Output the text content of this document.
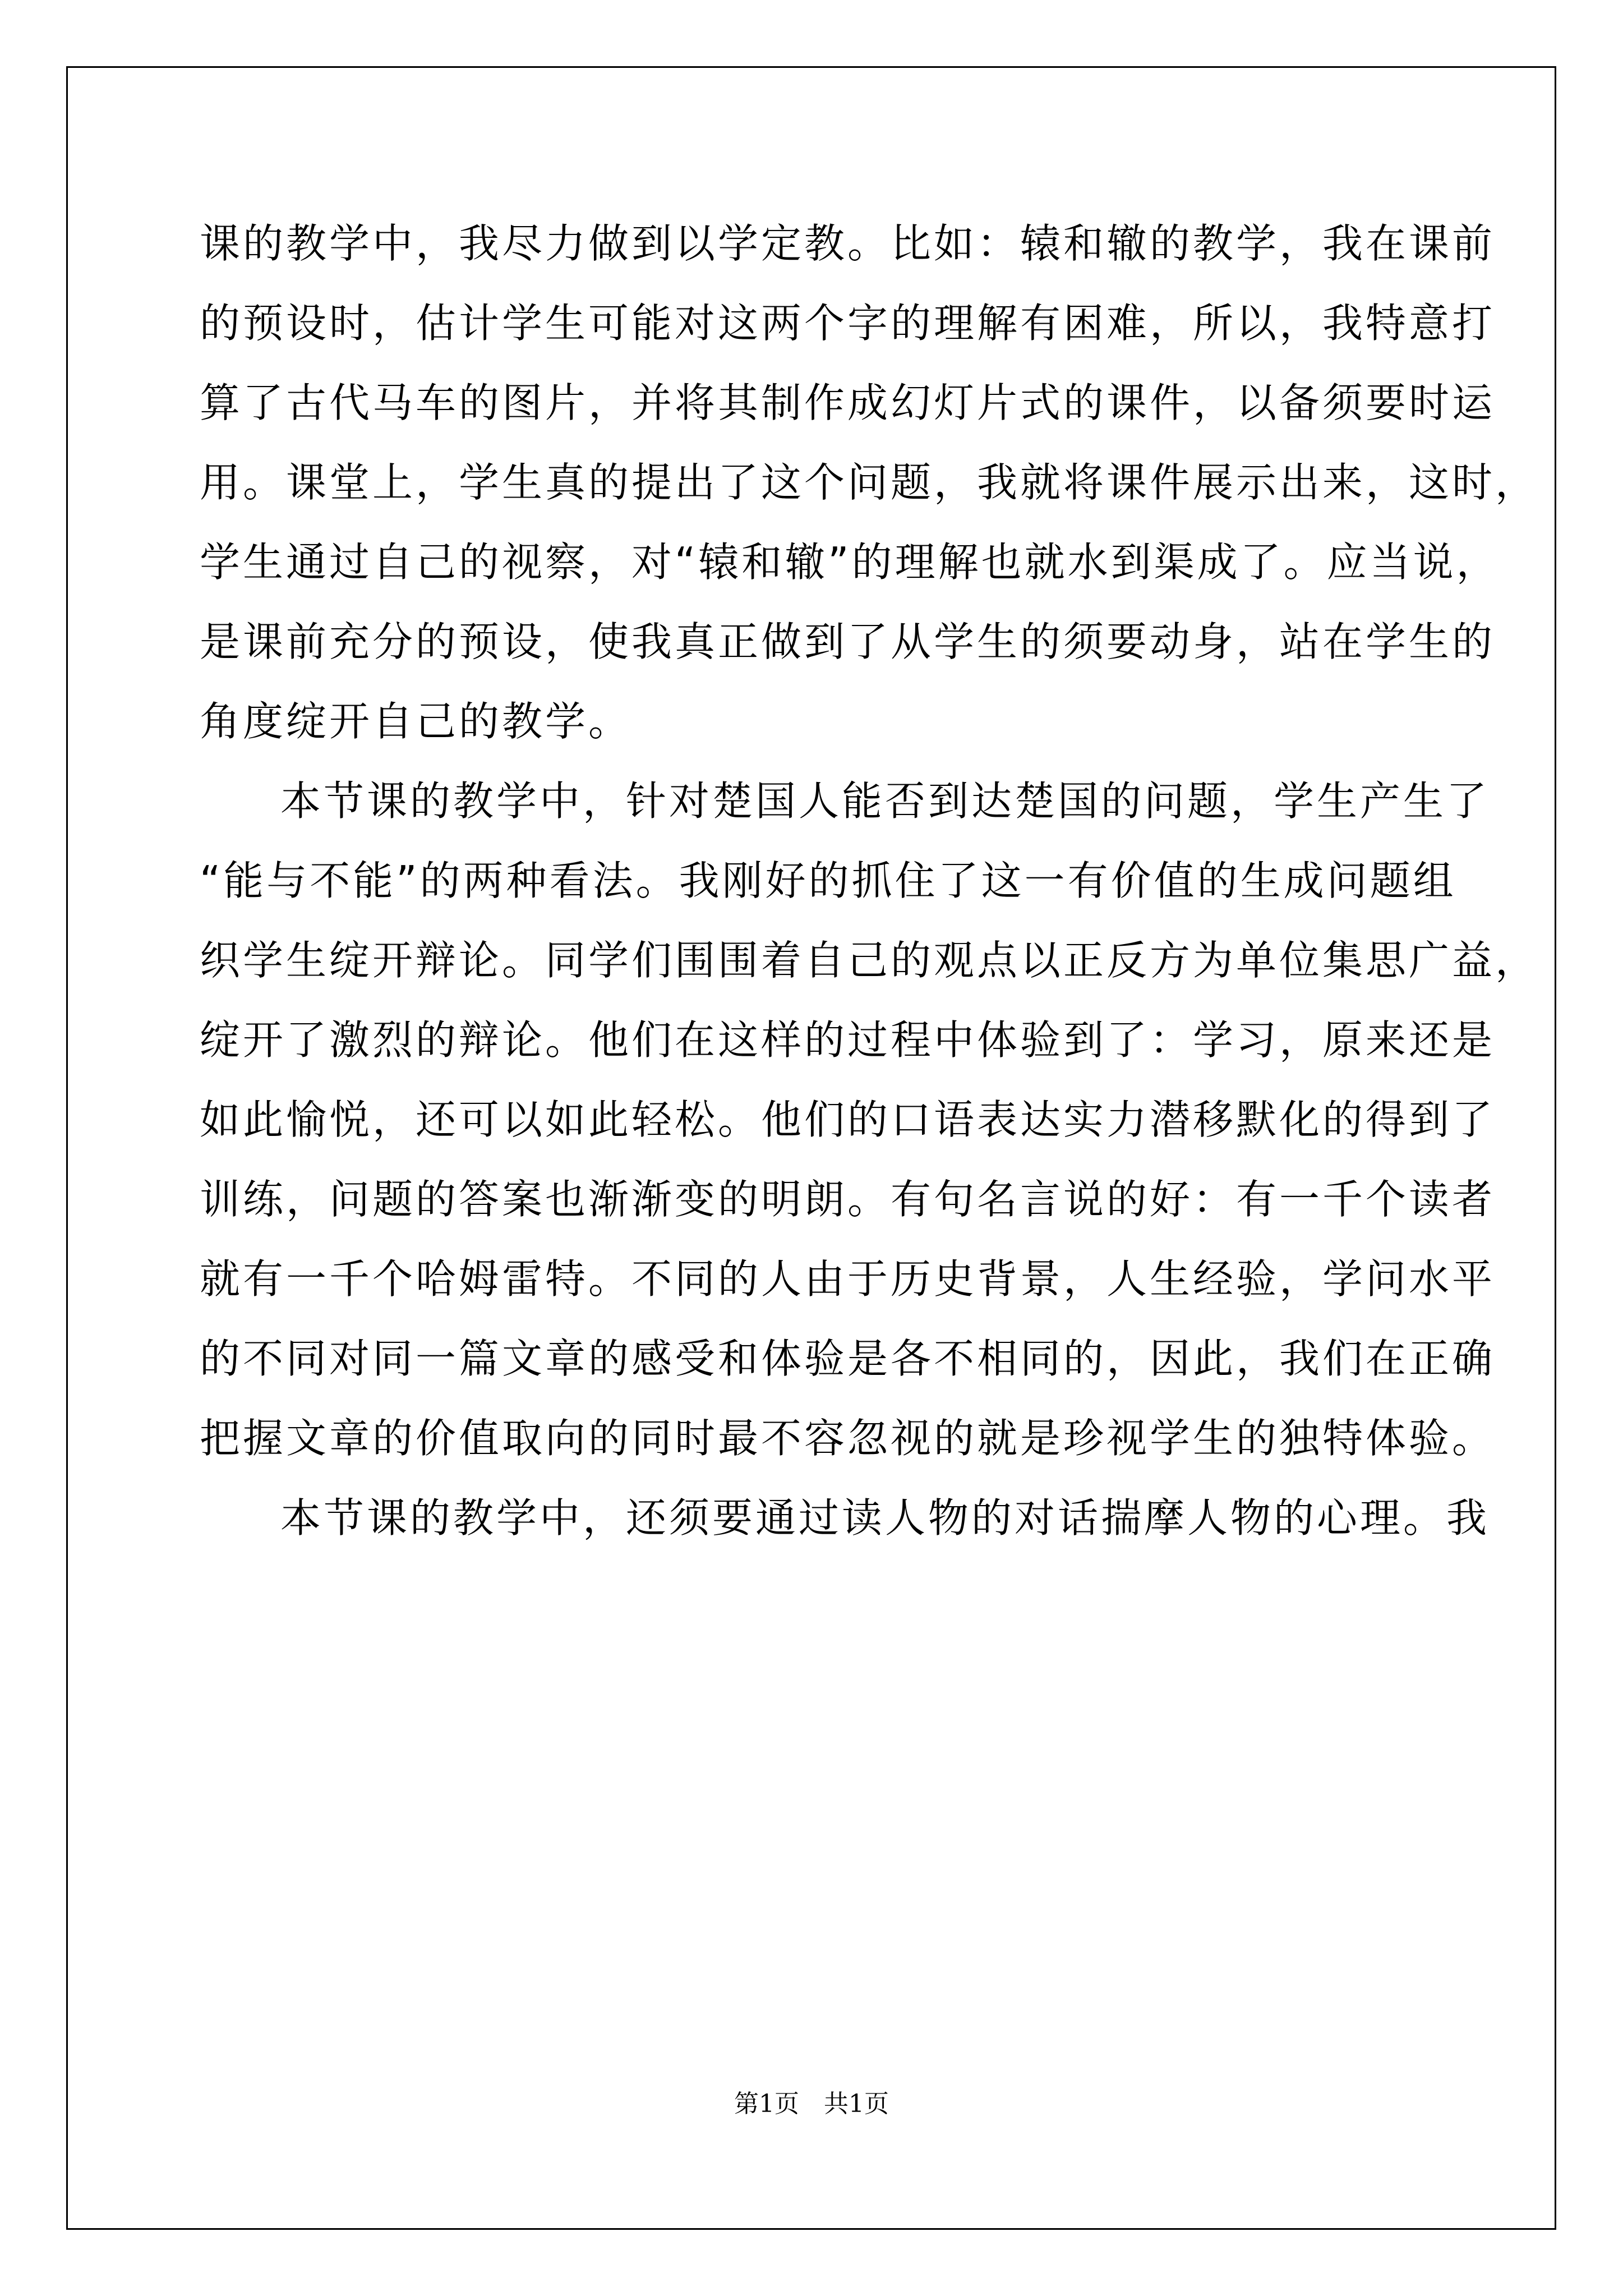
课的教学中，我尽力做到以学定教。比如：辕和辙的教学，我在课前
的预设时，估计学生可能对这两个字的理解有困难，所以，我特意打
算了古代马车的图片，并将其制作成幻灯片式的课件，以备须要时运
用。课堂上，学生真的提出了这个问题，我就将课件展示出来，这时，
学生通过自己的视察，对“辕和辙”的理解也就水到渠成了。应当说，
是课前充分的预设，使我真正做到了从学生的须要动身，站在学生的
角度绽开自己的教学。
本节课的教学中，针对楚国人能否到达楚国的问题，学生产生了
“能与不能”的两种看法。我刚好的抓住了这一有价值的生成问题组
织学生绽开辩论。同学们围围着自己的观点以正反方为单位集思广益，
绽开了激烈的辩论。他们在这样的过程中体验到了：学习，原来还是
如此愉悦，还可以如此轻松。他们的口语表达实力潜移默化的得到了
训练，问题的答案也渐渐变的明朗。有句名言说的好：有一千个读者
就有一千个哈姆雷特。不同的人由于历史背景，人生经验，学问水平
的不同对同一篇文章的感受和体验是各不相同的，因此，我们在正确
把握文章的价值取向的同时最不容忽视的就是珍视学生的独特体验。
本节课的教学中，还须要通过读人物的对话揣摩人物的心理。我
第1页　共1页
